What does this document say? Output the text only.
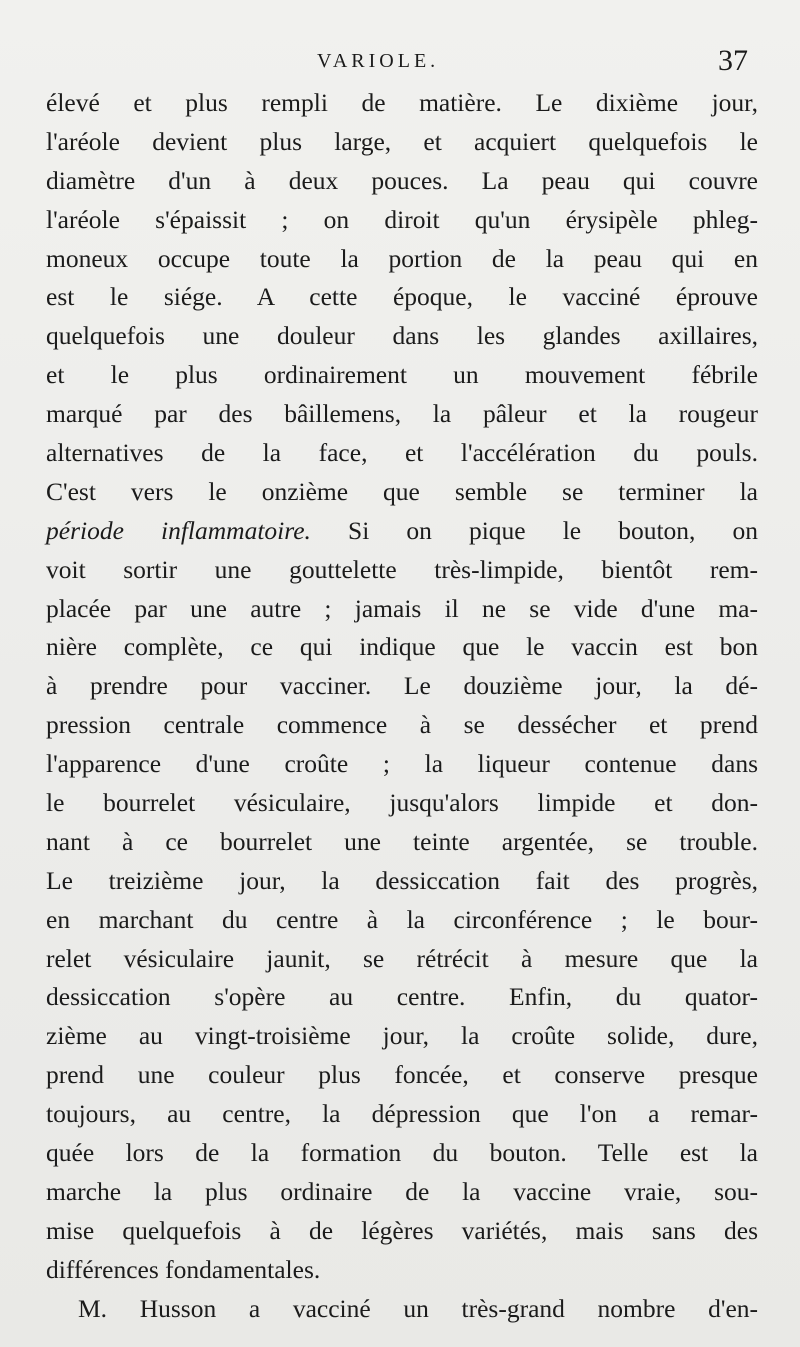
VARIOLE.	37
élevé et plus rempli de matière. Le dixième jour,
l'aréole devient plus large, et acquiert quelquefois le
diamètre d'un à deux pouces. La peau qui couvre
l'aréole s'épaissit ; on diroit qu'un érysipèle phleg-
moneux occupe toute la portion de la peau qui en
est le siége. A cette époque, le vacciné éprouve
quelquefois une douleur dans les glandes axillaires,
et le plus ordinairement un mouvement fébrile
marqué par des bâillemens, la pâleur et la rougeur
alternatives de la face, et l'accélération du pouls.
C'est vers le onzième que semble se terminer la
période inflammatoire. Si on pique le bouton, on
voit sortir une gouttelette très-limpide, bientôt rem-
placée par une autre ; jamais il ne se vide d'une ma-
nière complète, ce qui indique que le vaccin est bon
à prendre pour vacciner. Le douzième jour, la dé-
pression centrale commence à se dessécher et prend
l'apparence d'une croûte ; la liqueur contenue dans
le bourrelet vésiculaire, jusqu'alors limpide et don-
nant à ce bourrelet une teinte argentée, se trouble.
Le treizième jour, la dessiccation fait des progrès,
en marchant du centre à la circonférence ; le bour-
relet vésiculaire jaunit, se rétrécit à mesure que la
dessiccation s'opère au centre. Enfin, du quator-
zième au vingt-troisième jour, la croûte solide, dure,
prend une couleur plus foncée, et conserve presque
toujours, au centre, la dépression que l'on a remar-
quée lors de la formation du bouton. Telle est la
marche la plus ordinaire de la vaccine vraie, sou-
mise quelquefois à de légères variétés, mais sans des
différences fondamentales.
M. Husson a vacciné un très-grand nombre d'en-
